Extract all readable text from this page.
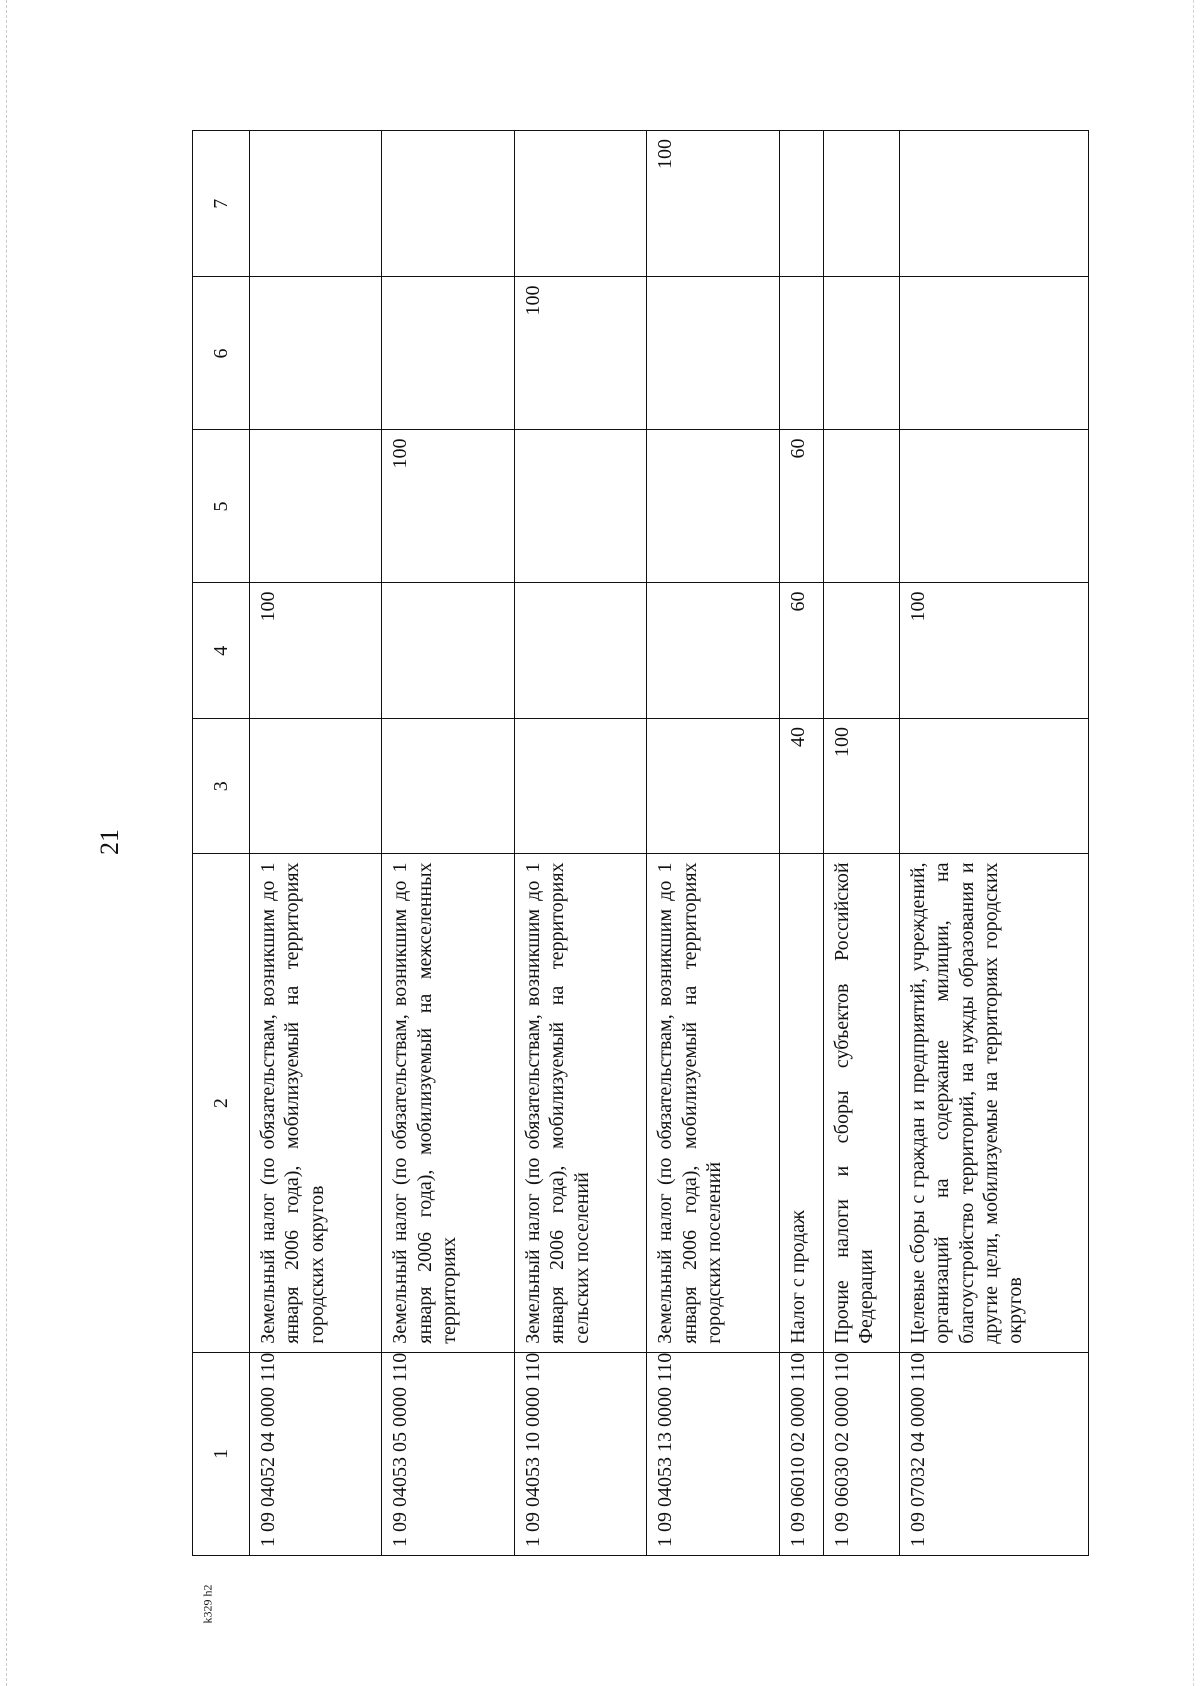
21
1	2	3	4	5	6	7
1 09 04052 04 0000 110	Земельный налог (по обязательствам, возникшим до 1 января 2006 года), мобилизуемый на территориях городских округов		100			
1 09 04053 05 0000 110	Земельный налог (по обязательствам, возникшим до 1 января 2006 года), мобилизуемый на межселенных территориях			100		
1 09 04053 10 0000 110	Земельный налог (по обязательствам, возникшим до 1 января 2006 года), мобилизуемый на территориях сельских поселений				100	
1 09 04053 13 0000 110	Земельный налог (по обязательствам, возникшим до 1 января 2006 года), мобилизуемый на территориях городских поселений					100
1 09 06010 02 0000 110	Налог с продаж	40	60	60		
1 09 06030 02 0000 110	Прочие налоги и сборы субъектов Российской Федерации	100				
1 09 07032 04 0000 110	Целевые сборы с граждан и предприятий, учреждений, организаций на содержание милиции, на благоустройство территорий, на нужды образования и другие цели, мобилизуемые на территориях городских округов		100			
k329 h2
